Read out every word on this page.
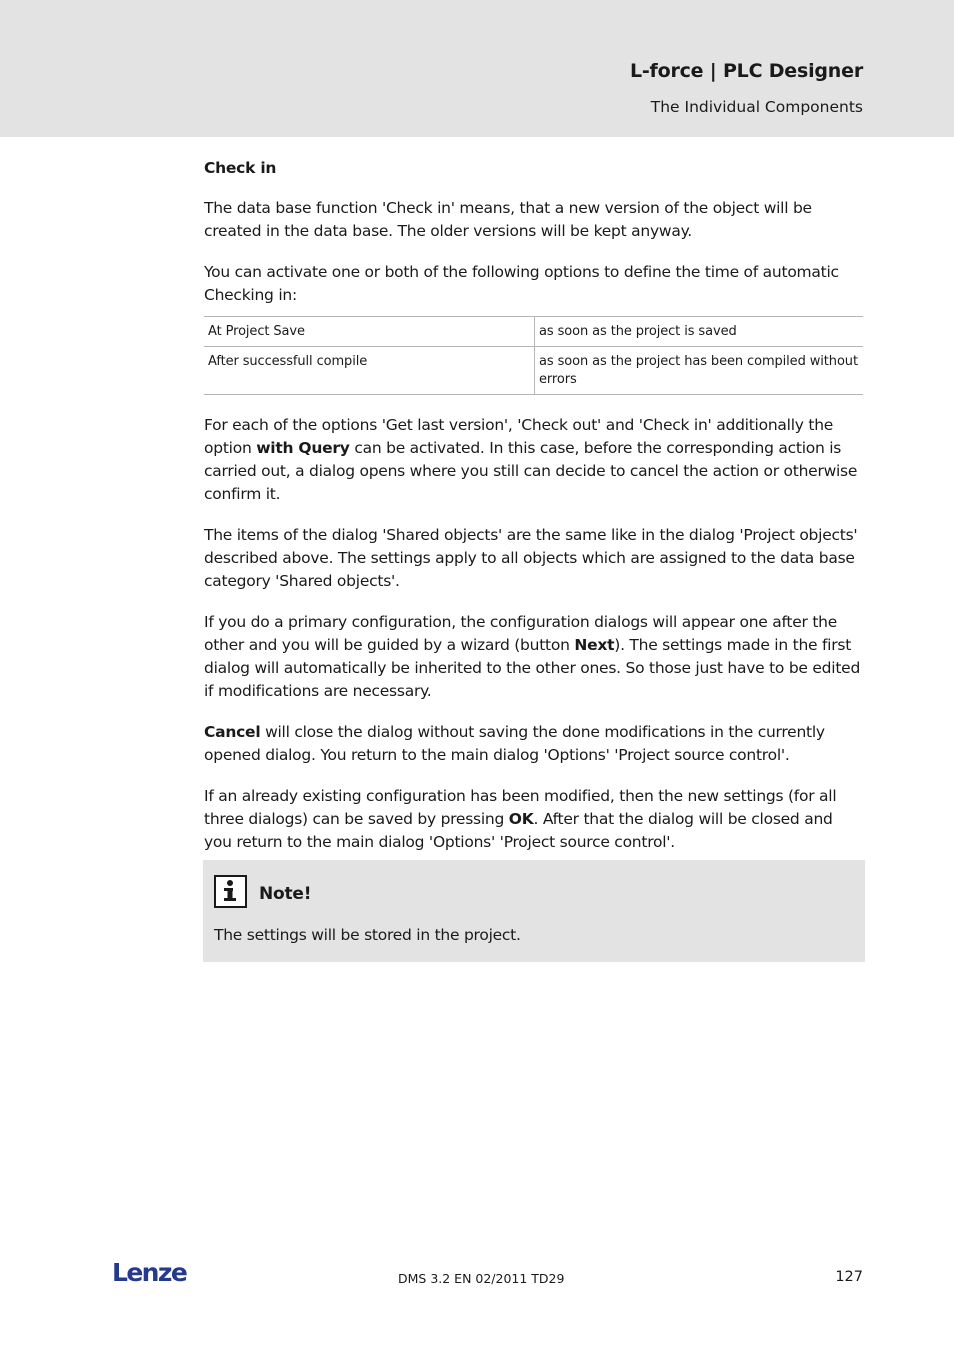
L-force | PLC Designer
The Individual Components

Check in

The data base function 'Check in' means, that a new version of the object will be created in the data base. The older versions will be kept anyway.

You can activate one or both of the following options to define the time of automatic Checking in:

At Project Save	as soon as the project is saved
After successfull compile	as soon as the project has been compiled without errors

For each of the options 'Get last version', 'Check out' and 'Check in' additionally the option with Query can be activated. In this case, before the corresponding action is carried out, a dialog opens where you still can decide to cancel the action or otherwise confirm it.

The items of the dialog 'Shared objects' are the same like in the dialog 'Project objects' described above. The settings apply to all objects which are assigned to the data base category 'Shared objects'.

If you do a primary configuration, the configuration dialogs will appear one after the other and you will be guided by a wizard (button Next). The settings made in the first dialog will automatically be inherited to the other ones. So those just have to be edited if modifications are necessary.

Cancel will close the dialog without saving the done modifications in the currently opened dialog. You return to the main dialog 'Options' 'Project source control'.

If an already existing configuration has been modified, then the new settings (for all three dialogs) can be saved by pressing OK. After that the dialog will be closed and you return to the main dialog 'Options' 'Project source control'.

Note!
The settings will be stored in the project.
Lenze	DMS 3.2 EN 02/2011 TD29	127
